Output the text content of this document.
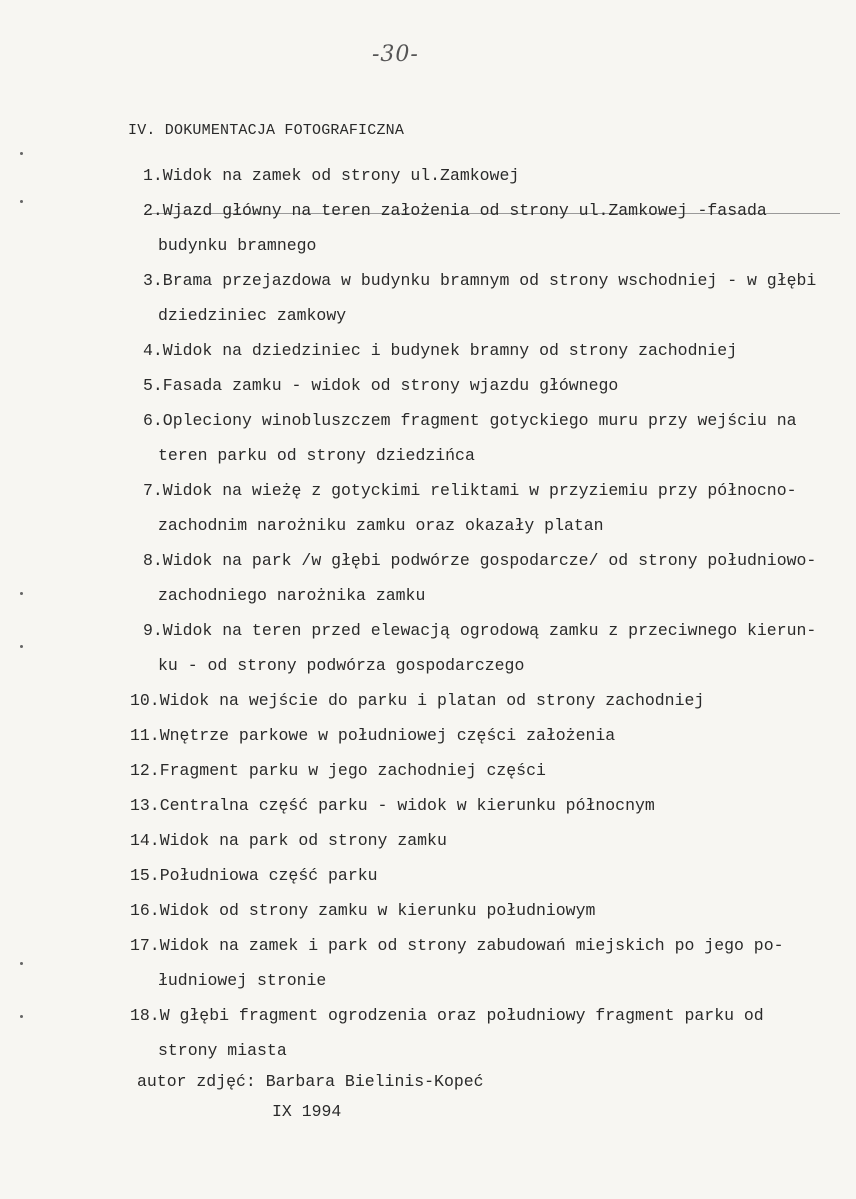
-30-
IV. DOKUMENTACJA FOTOGRAFICZNA
1.Widok na zamek od strony ul.Zamkowej
2.Wjazd główny na teren założenia od strony ul.Zamkowej -fasada
budynku bramnego
3.Brama przejazdowa w budynku bramnym od strony wschodniej - w głębi
dziedziniec zamkowy
4.Widok na dziedziniec i budynek bramny od strony zachodniej
5.Fasada zamku - widok od strony wjazdu głównego
6.Opleciony winobluszczem fragment gotyckiego muru przy wejściu na
teren parku od strony dziedzińca
7.Widok na wieżę z gotyckimi reliktami w przyziemiu przy północno-
zachodnim narożniku zamku oraz okazały platan
8.Widok na park /w głębi podwórze gospodarcze/ od strony południowo-
zachodniego narożnika zamku
9.Widok na teren przed elewacją ogrodową zamku z przeciwnego kierun-
ku - od strony podwórza gospodarczego
10.Widok na wejście do parku i platan od strony zachodniej
11.Wnętrze parkowe w południowej części założenia
12.Fragment parku w jego zachodniej części
13.Centralna część parku - widok w kierunku północnym
14.Widok na park od strony zamku
15.Południowa część parku
16.Widok od strony zamku w kierunku południowym
17.Widok na zamek i park od strony zabudowań miejskich po jego po-
łudniowej stronie
18.W głębi fragment ogrodzenia oraz południowy fragment parku od
strony miasta
autor zdjęć: Barbara Bielinis-Kopeć
IX 1994
